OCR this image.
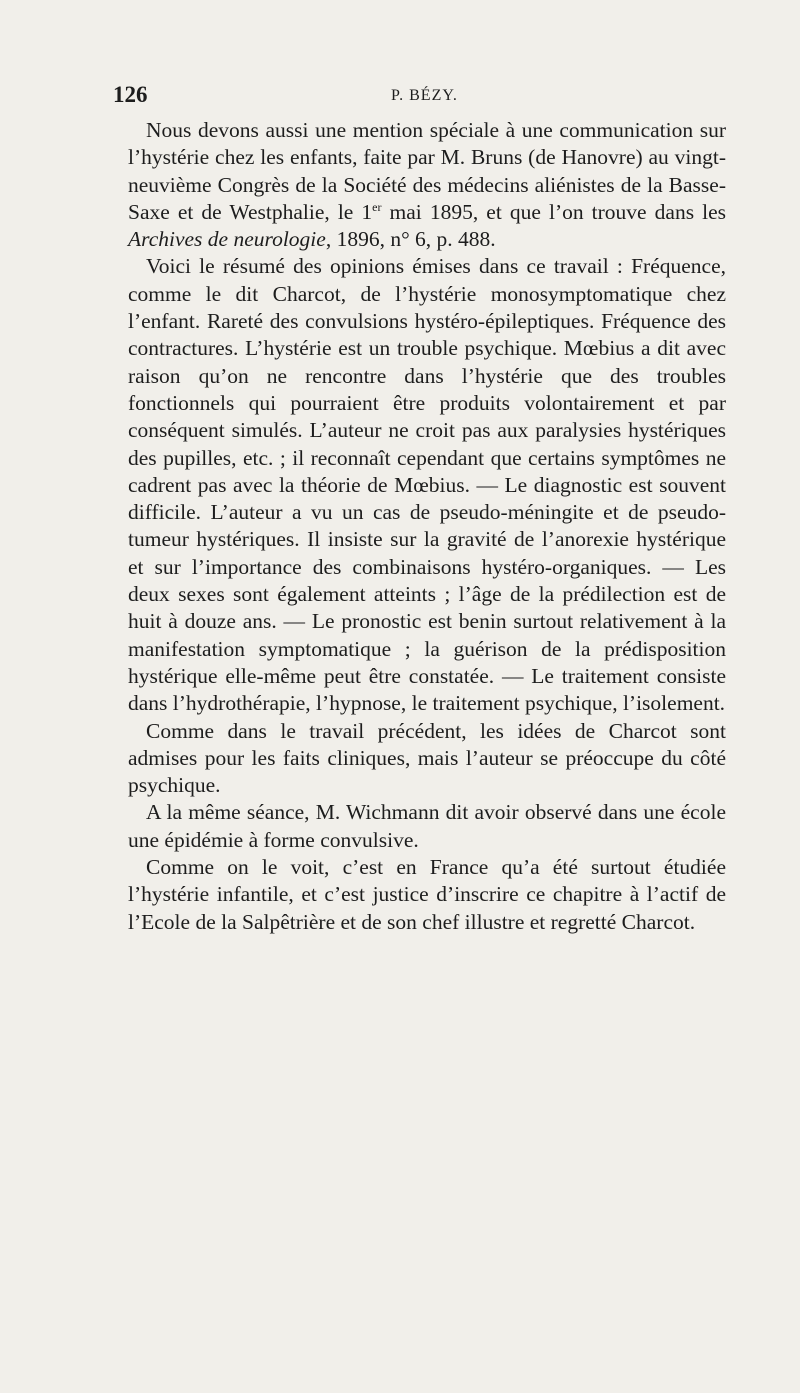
126	P. BÉZY.

Nous devons aussi une mention spéciale à une communication sur l’hystérie chez les enfants, faite par M. Bruns (de Hanovre) au vingt-neuvième Congrès de la Société des médecins aliénistes de la Basse-Saxe et de Westphalie, le 1er mai 1895, et que l’on trouve dans les Archives de neurologie, 1896, n° 6, p. 488.

Voici le résumé des opinions émises dans ce travail : Fréquence, comme le dit Charcot, de l’hystérie monosymptomatique chez l’enfant. Rareté des convulsions hystéro-épileptiques. Fréquence des contractures. L’hystérie est un trouble psychique. Mœbius a dit avec raison qu’on ne rencontre dans l’hystérie que des troubles fonctionnels qui pourraient être produits volontairement et par conséquent simulés. L’auteur ne croit pas aux paralysies hystériques des pupilles, etc. ; il reconnaît cependant que certains symptômes ne cadrent pas avec la théorie de Mœbius. — Le diagnostic est souvent difficile. L’auteur a vu un cas de pseudo-méningite et de pseudo-tumeur hystériques. Il insiste sur la gravité de l’anorexie hystérique et sur l’importance des combinaisons hystéro-organiques. — Les deux sexes sont également atteints ; l’âge de la prédilection est de huit à douze ans. — Le pronostic est benin surtout relativement à la manifestation symptomatique ; la guérison de la prédisposition hystérique elle-même peut être constatée. — Le traitement consiste dans l’hydrothérapie, l’hypnose, le traitement psychique, l’isolement.

Comme dans le travail précédent, les idées de Charcot sont admises pour les faits cliniques, mais l’auteur se préoccupe du côté psychique.

A la même séance, M. Wichmann dit avoir observé dans une école une épidémie à forme convulsive.

Comme on le voit, c’est en France qu’a été surtout étudiée l’hystérie infantile, et c’est justice d’inscrire ce chapitre à l’actif de l’Ecole de la Salpêtrière et de son chef illustre et regretté Charcot.
